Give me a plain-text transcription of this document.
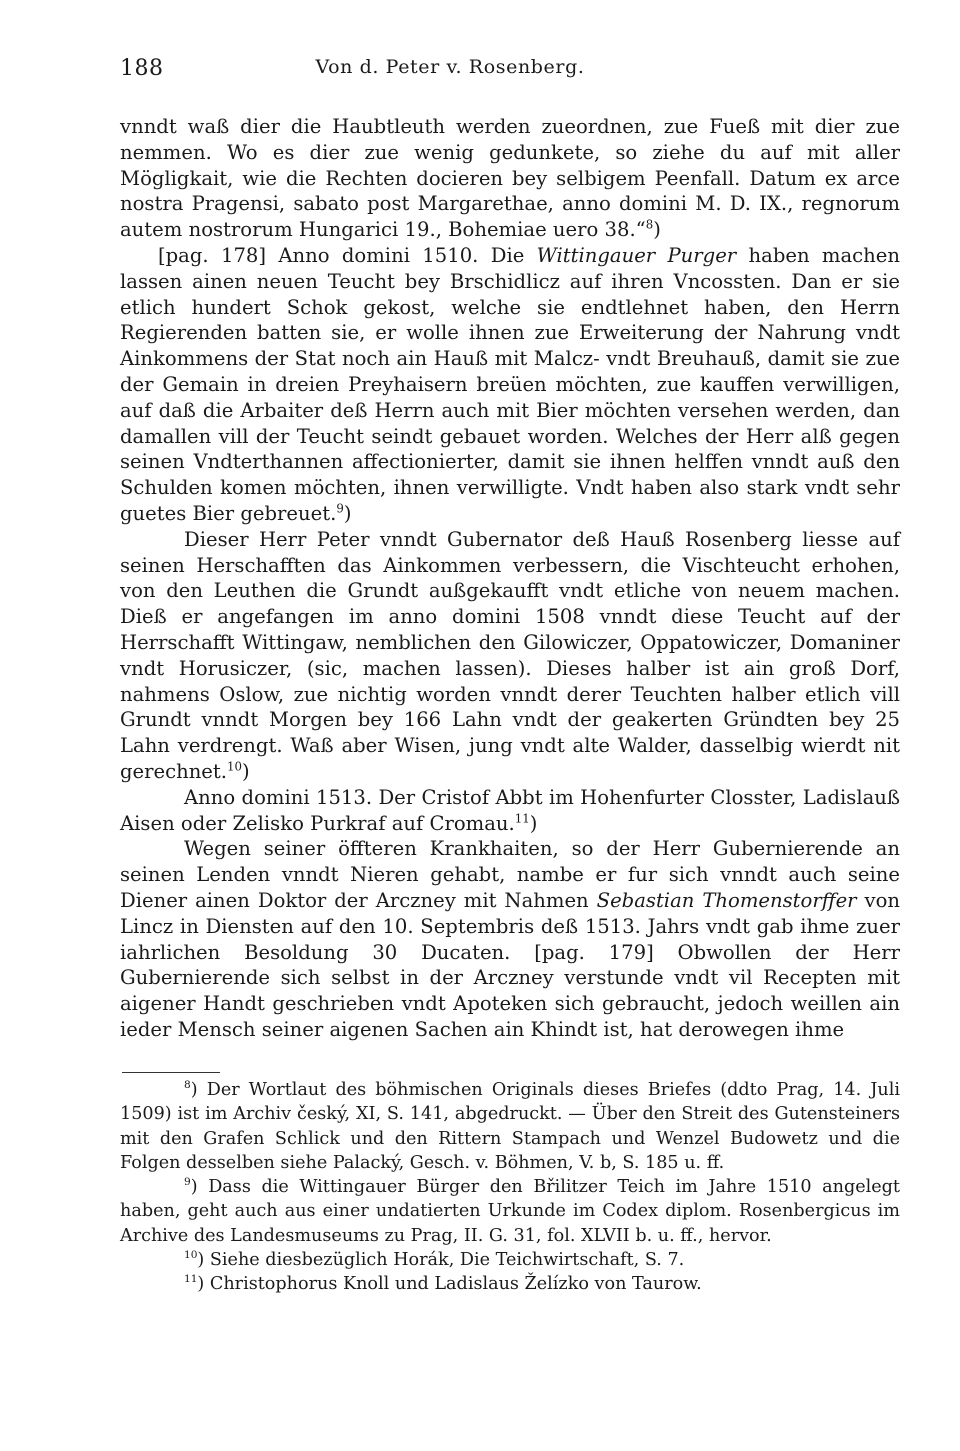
188	Von d. Peter v. Rosenberg.

vnndt waß dier die Haubtleuth werden zueordnen, zue Fueß mit dier zue nemmen. Wo es dier zue wenig gedunkete, so ziehe du auf mit aller Mögligkait, wie die Rechten docieren bey selbigem Peenfall. Datum ex arce nostra Pragensi, sabato post Margarethae, anno domini M. D. IX., regnorum autem nostrorum Hungarici 19., Bohemiae uero 38.“$^8$)

[pag. 178] Anno domini 1510. Die Wittingauer Purger haben machen lassen ainen neuen Teucht bey Brschidlicz auf ihren Vncossten. Dan er sie etlich hundert Schok gekost, welche sie endtlehnet haben, den Herrn Regierenden batten sie, er wolle ihnen zue Erweiterung der Nahrung vndt Ainkommens der Stat noch ain Hauß mit Malcz- vndt Breuhauß, damit sie zue der Gemain in dreien Preyhaisern breüen möchten, zue kauffen verwilligen, auf daß die Arbaiter deß Herrn auch mit Bier möchten versehen werden, dan damallen vill der Teucht seindt gebauet worden. Welches der Herr alß gegen seinen Vndterthannen affectionierter, damit sie ihnen helffen vnndt auß den Schulden komen möchten, ihnen verwilligte. Vndt haben also stark vndt sehr guetes Bier gebreuet.$^9$)

Dieser Herr Peter vnndt Gubernator deß Hauß Rosenberg liesse auf seinen Herschafften das Ainkommen verbessern, die Vischteucht erhohen, von den Leuthen die Grundt außgekaufft vndt etliche von neuem machen. Dieß er angefangen im anno domini 1508 vnndt diese Teucht auf der Herrschafft Wittingaw, nemblichen den Gilowiczer, Oppatowiczer, Domaniner vndt Horusiczer, (sic, machen lassen). Dieses halber ist ain groß Dorf, nahmens Oslow, zue nichtig worden vnndt derer Teuchten halber etlich vill Grundt vnndt Morgen bey 166 Lahn vndt der geakerten Gründten bey 25 Lahn verdrengt. Waß aber Wisen, jung vndt alte Walder, dasselbig wierdt nit gerechnet.$^{10}$)

Anno domini 1513. Der Cristof Abbt im Hohenfurter Closster, Ladislauß Aisen oder Zelisko Purkraf auf Cromau.$^{11}$)

Wegen seiner öffteren Krankhaiten, so der Herr Gubernierende an seinen Lenden vnndt Nieren gehabt, nambe er fur sich vnndt auch seine Diener ainen Doktor der Arczney mit Nahmen Sebastian Thomenstorffer von Lincz in Diensten auf den 10. Septembris deß 1513. Jahrs vndt gab ihme zuer iahrlichen Besoldung 30 Ducaten. [pag. 179] Obwollen der Herr Gubernierende sich selbst in der Arczney verstunde vndt vil Recepten mit aigener Handt geschrieben vndt Apoteken sich gebraucht, jedoch weillen ain ieder Mensch seiner aigenen Sachen ain Khindt ist, hat derowegen ihme

$^8$) Der Wortlaut des böhmischen Originals dieses Briefes (ddto Prag, 14. Juli 1509) ist im Archiv český, XI, S. 141, abgedruckt. — Über den Streit des Gutensteiners mit den Grafen Schlick und den Rittern Stampach und Wenzel Budowetz und die Folgen desselben siehe Palacký, Gesch. v. Böhmen, V. b, S. 185 u. ff.

$^9$) Dass die Wittingauer Bürger den Břilitzer Teich im Jahre 1510 angelegt haben, geht auch aus einer undatierten Urkunde im Codex diplom. Rosenbergicus im Archive des Landesmuseums zu Prag, II. G. 31, fol. XLVII b. u. ff., hervor.

$^{10}$) Siehe diesbezüglich Horák, Die Teichwirtschaft, S. 7.

$^{11}$) Christophorus Knoll und Ladislaus Želízko von Taurow.
